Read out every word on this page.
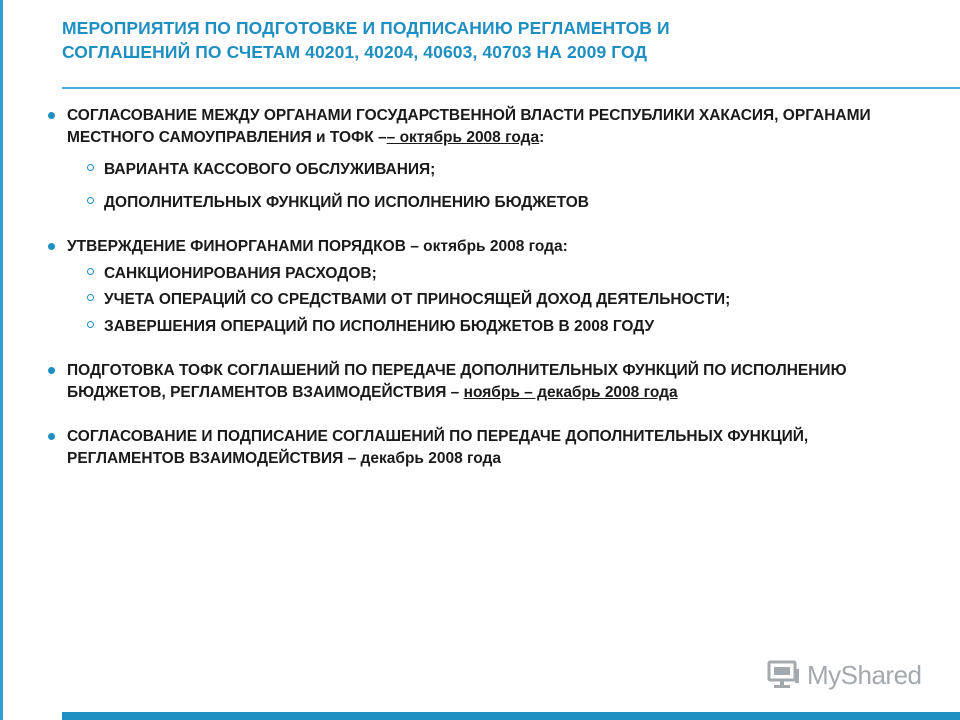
МЕРОПРИЯТИЯ ПО ПОДГОТОВКЕ И ПОДПИСАНИЮ РЕГЛАМЕНТОВ И
СОГЛАШЕНИЙ ПО СЧЕТАМ 40201, 40204, 40603, 40703 НА 2009 ГОД
СОГЛАСОВАНИЕ МЕЖДУ ОРГАНАМИ ГОСУДАРСТВЕННОЙ ВЛАСТИ РЕСПУБЛИКИ ХАКАСИЯ, ОРГАНАМИ МЕСТНОГО САМОУПРАВЛЕНИЯ и ТОФК –– октябрь 2008 года:
ВАРИАНТА КАССОВОГО ОБСЛУЖИВАНИЯ;
ДОПОЛНИТЕЛЬНЫХ ФУНКЦИЙ ПО ИСПОЛНЕНИЮ БЮДЖЕТОВ
УТВЕРЖДЕНИЕ ФИНОРГАНАМИ ПОРЯДКОВ – октябрь 2008 года:
САНКЦИОНИРОВАНИЯ РАСХОДОВ;
УЧЕТА ОПЕРАЦИЙ СО СРЕДСТВАМИ ОТ ПРИНОСЯЩЕЙ ДОХОД ДЕЯТЕЛЬНОСТИ;
ЗАВЕРШЕНИЯ ОПЕРАЦИЙ ПО ИСПОЛНЕНИЮ БЮДЖЕТОВ В 2008 ГОДУ
ПОДГОТОВКА ТОФК СОГЛАШЕНИЙ ПО ПЕРЕДАЧЕ ДОПОЛНИТЕЛЬНЫХ ФУНКЦИЙ ПО ИСПОЛНЕНИЮ БЮДЖЕТОВ, РЕГЛАМЕНТОВ ВЗАИМОДЕЙСТВИЯ – ноябрь – декабрь 2008 года
СОГЛАСОВАНИЕ И ПОДПИСАНИЕ СОГЛАШЕНИЙ ПО ПЕРЕДАЧЕ ДОПОЛНИТЕЛЬНЫХ ФУНКЦИЙ, РЕГЛАМЕНТОВ ВЗАИМОДЕЙСТВИЯ – декабрь 2008 года
MyShared
